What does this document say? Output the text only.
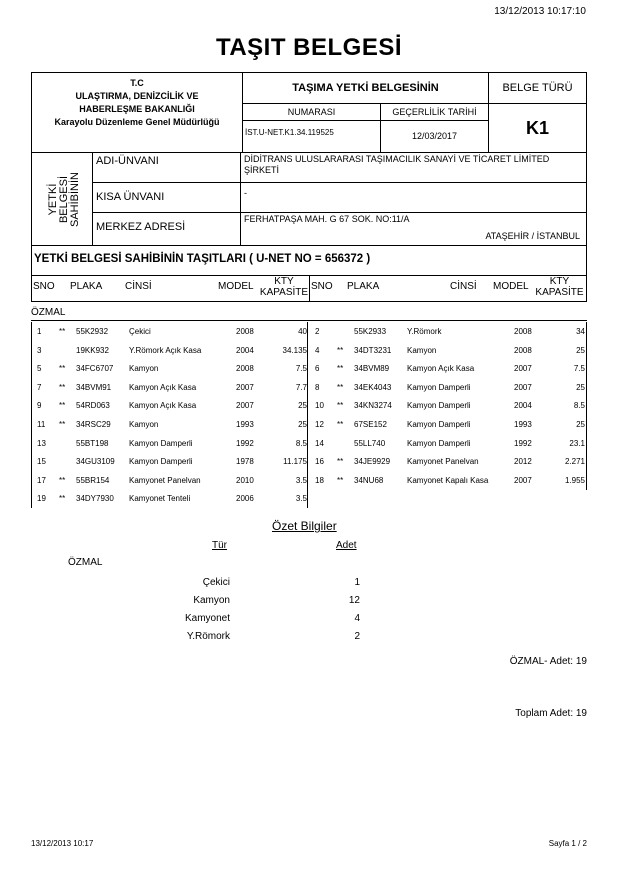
13/12/2013 10:17:10
TAŞIT BELGESİ
T.C
ULAŞTIRMA, DENİZCİLİK VE
HABERLEŞME BAKANLIĞI
Karayolu Düzenleme Genel Müdürlüğü
TAŞIMA YETKİ BELGESİNİN	BELGE TÜRÜ
NUMARASI	GEÇERLİLİK TARİHİ
İST.U-NET.K1.34.119525	12/03/2017	K1
YETKİ
BELGESİ
SAHİBİNİN
ADI-ÜNVANI	DİDİTRANS ULUSLARARASI TAŞIMACILIK SANAYİ VE TİCARET LİMİTED ŞİRKETİ
KISA ÜNVANI	-
MERKEZ ADRESİ
FERHATPAŞA MAH. G 67 SOK. NO:11/A
ATAŞEHİR / İSTANBUL
YETKİ BELGESİ SAHİBİNİN TAŞITLARI ( U-NET NO = 656372 )
SNO PLAKA CİNSİ	MODEL	KTY
KAPASİTE
SNO PLAKA	CİNSİ MODEL	KTY
KAPASİTE
ÖZMAL
1 ** 55K2932	Çekici	2008	40 2	55K2933	Y.Römork	2008	34
3	19KK932	Y.Römork Açık Kasa	2004	34.135 4 ** 34DT3231 Kamyon	2008	25
5 ** 34FC6707 Kamyon	2008	7.5 6 ** 34BVM89 Kamyon Açık Kasa	2007	7.5
7 ** 34BVM91 Kamyon Açık Kasa	2007	7.7 8 ** 34EK4043 Kamyon Damperli	2007	25
9 ** 54RD063 Kamyon Açık Kasa	2007	25 10 ** 34KN3274 Kamyon Damperli	2004	8.5
11 ** 34RSC29 Kamyon	1993	25 12 ** 67SE152	Kamyon Damperli	1993	25
13	55BT198	Kamyon Damperli	1992	8.5 14	55LL740	Kamyon Damperli	1992	23.1
15	34GU3109 Kamyon Damperli	1978	11.175 16 ** 34JE9929 Kamyonet Panelvan	2012	2.271
17 ** 55BR154 Kamyonet Panelvan	2010	3.5 18 ** 34NU68	Kamyonet Kapalı Kasa	2007	1.955
19 ** 34DY7930 Kamyonet Tenteli	2006	3.5
Özet Bilgiler
Tür	Adet
ÖZMAL
Çekici	1
Kamyon	12
Kamyonet	4
Y.Römork	2
ÖZMAL- Adet: 19
Toplam Adet: 19
13/12/2013 10:17	Sayfa 1 / 2
